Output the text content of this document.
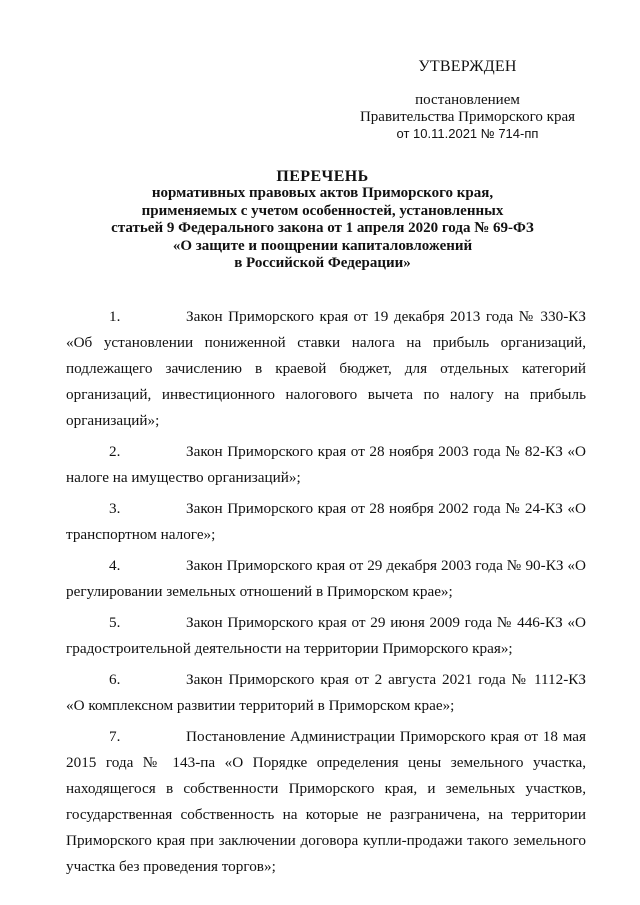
УТВЕРЖДЕН
постановлением
Правительства Приморского края
от 10.11.2021 № 714-пп
ПЕРЕЧЕНЬ
нормативных правовых актов Приморского края,
применяемых с учетом особенностей, установленных
статьей 9 Федерального закона от 1 апреля 2020 года № 69-ФЗ
«О защите и поощрении капиталовложений
в Российской Федерации»

1.	Закон Приморского края от 19 декабря 2013 года № 330-КЗ «Об установлении пониженной ставки налога на прибыль организаций, подлежащего зачислению в краевой бюджет, для отдельных категорий организаций, инвестиционного налогового вычета по налогу на прибыль организаций»;

2.	Закон Приморского края от 28 ноября 2003 года № 82-КЗ «О налоге на имущество организаций»;

3.	Закон Приморского края от 28 ноября 2002 года № 24-КЗ «О транспортном налоге»;

4.	Закон Приморского края от 29 декабря 2003 года № 90-КЗ «О регулировании земельных отношений в Приморском крае»;

5.	Закон Приморского края от 29 июня 2009 года № 446-КЗ «О градостроительной деятельности на территории Приморского края»;

6.	Закон Приморского края от 2 августа 2021 года № 1112-КЗ «О комплексном развитии территорий в Приморском крае»;

7.	Постановление Администрации Приморского края от 18 мая 2015 года № 143-па «О Порядке определения цены земельного участка, находящегося в собственности Приморского края, и земельных участков, государственная собственность на которые не разграничена, на территории Приморского края при заключении договора купли-продажи такого земельного участка без проведения торгов»;
